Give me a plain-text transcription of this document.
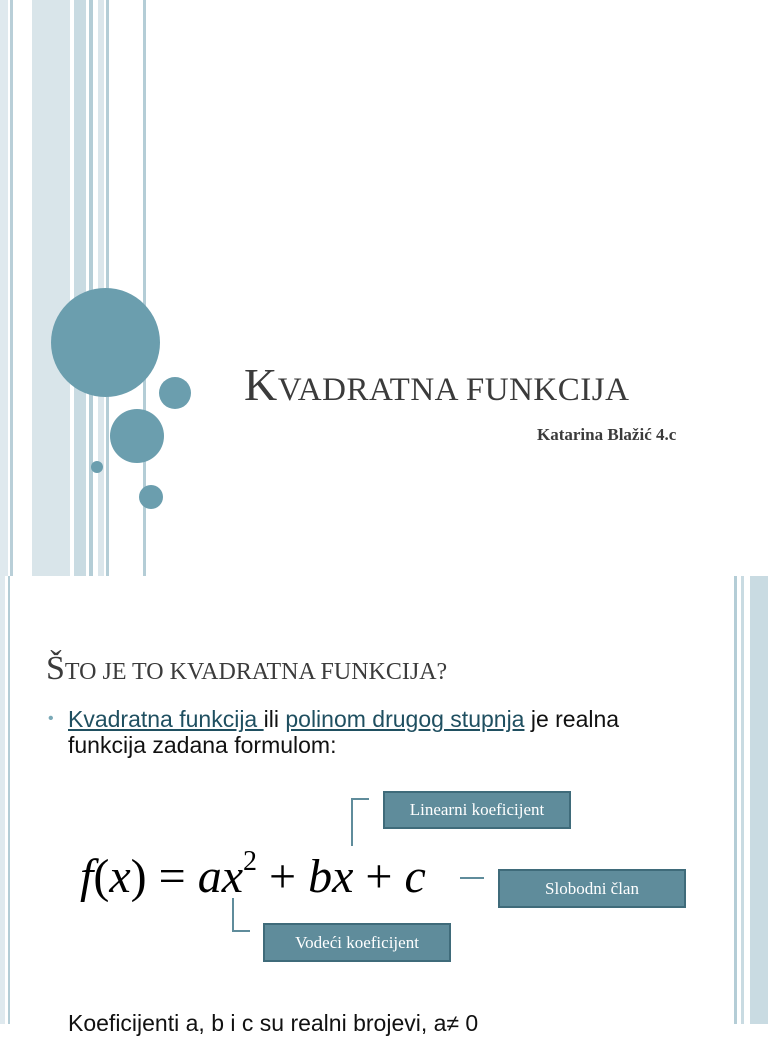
KVADRATNA FUNKCIJA
Katarina Blažić 4.c
ŠTO JE TO KVADRATNA FUNKCIJA?
• Kvadratna funkcija ili polinom drugog stupnja je realna funkcija zadana formulom:
$f(x) = ax^2$ + bx + c
Linearni koeficijent
Slobodni član
Vodeći koeficijent
Koeficijenti a, b i c su realni brojevi, a≠ 0
